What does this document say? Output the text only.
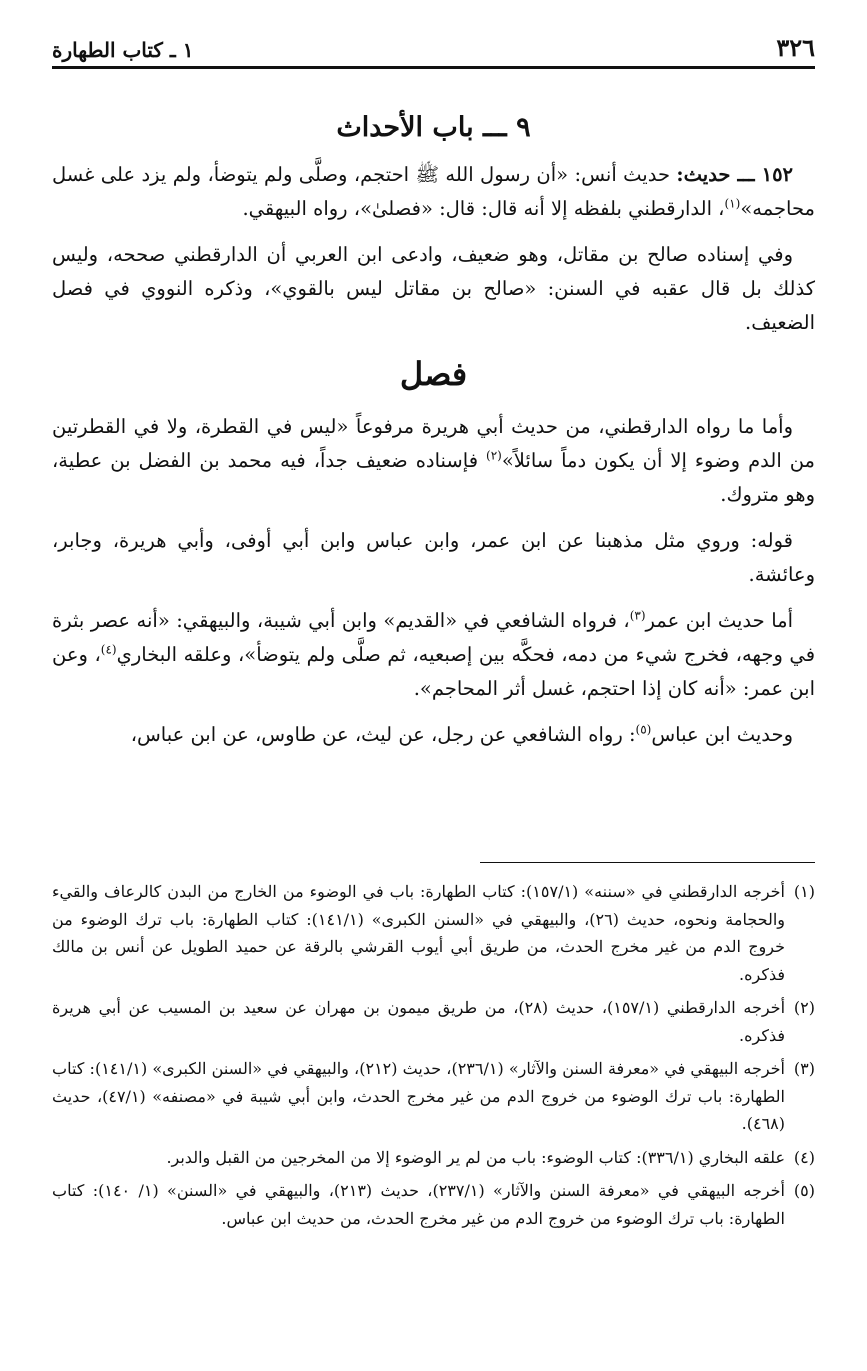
٣٢٦
١ ـ كتاب الطهارة
٩ ـــ باب الأحداث

١٥٢ ـــ حديث: حديث أنس: «أن رسول الله ﷺ احتجم، وصلَّى ولم يتوضأ، ولم يزد على غسل محاجمه»$^{(١)}$، الدارقطني بلفظه إلا أنه قال: قال: «فصلىٰ»، رواه البيهقي.

وفي إسناده صالح بن مقاتل، وهو ضعيف، وادعى ابن العربي أن الدارقطني صححه، وليس كذلك بل قال عقبه في السنن: «صالح بن مقاتل ليس بالقوي»، وذكره النووي في فصل الضعيف.

فصل

وأما ما رواه الدارقطني، من حديث أبي هريرة مرفوعاً «ليس في القطرة، ولا في القطرتين من الدم وضوء إلا أن يكون دماً سائلاً»$^{(٢)}$ فإسناده ضعيف جداً، فيه محمد بن الفضل بن عطية، وهو متروك.

قوله: وروي مثل مذهبنا عن ابن عمر، وابن عباس وابن أبي أوفى، وأبي هريرة، وجابر، وعائشة.

أما حديث ابن عمر$^{(٣)}$، فرواه الشافعي في «القديم» وابن أبي شيبة، والبيهقي: «أنه عصر بثرة في وجهه، فخرج شيء من دمه، فحكَّه بين إصبعيه، ثم صلَّى ولم يتوضأ»، وعلقه البخاري$^{(٤)}$، وعن ابن عمر: «أنه كان إذا احتجم، غسل أثر المحاجم».

وحديث ابن عباس$^{(٥)}$: رواه الشافعي عن رجل، عن ليث، عن طاوس، عن ابن عباس،

(١)
أخرجه الدارقطني في «سننه» (١٥٧/١): كتاب الطهارة: باب في الوضوء من الخارج من البدن كالرعاف والقيء والحجامة ونحوه، حديث (٢٦)، والبيهقي في «السنن الكبرى» (١٤١/١): كتاب الطهارة: باب ترك الوضوء من خروج الدم من غير مخرج الحدث، من طريق أبي أيوب القرشي بالرقة عن حميد الطويل عن أنس بن مالك فذكره.

(٢)
أخرجه الدارقطني (١٥٧/١)، حديث (٢٨)، من طريق ميمون بن مهران عن سعيد بن المسيب عن أبي هريرة فذكره.

(٣)
أخرجه البيهقي في «معرفة السنن والآثار» (٢٣٦/١)، حديث (٢١٢)، والبيهقي في «السنن الكبرى» (١٤١/١): كتاب الطهارة: باب ترك الوضوء من خروج الدم من غير مخرج الحدث، وابن أبي شيبة في «مصنفه» (٤٧/١)، حديث (٤٦٨).

(٤)
علقه البخاري (٣٣٦/١): كتاب الوضوء: باب من لم ير الوضوء إلا من المخرجين من القبل والدبر.

(٥)
أخرجه البيهقي في «معرفة السنن والآثار» (٢٣٧/١)، حديث (٢١٣)، والبيهقي في «السنن» (١/ ١٤٠): كتاب الطهارة: باب ترك الوضوء من خروج الدم من غير مخرج الحدث، من حديث ابن عباس.
